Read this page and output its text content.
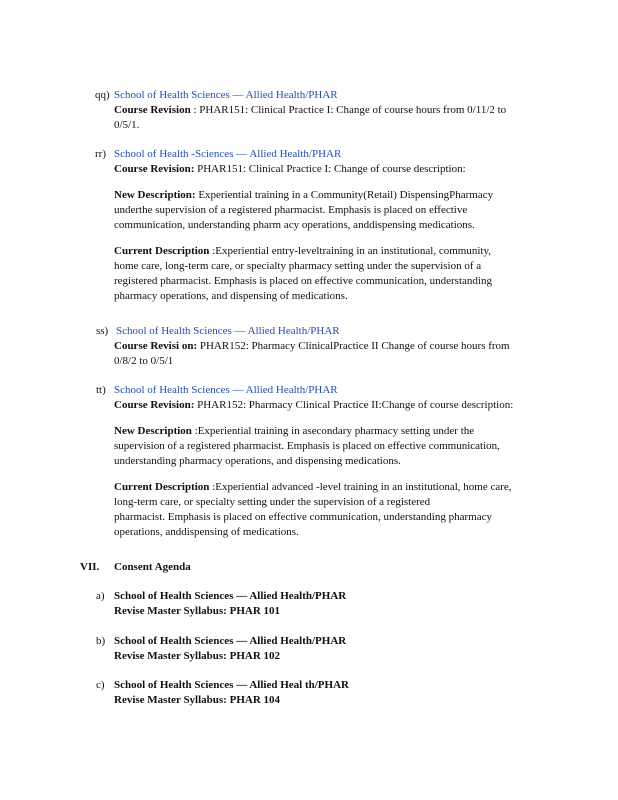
qq) School of Health Sciences — Allied Health/PHAR
Course Revision : PHAR151: Clinical Practice I: Change of course hours from 0/11/2 to
0/5/1.
rr) School of Health -Sciences — Allied Health/PHAR
Course Revision: PHAR151: Clinical Practice I: Change of course description:
New Description: Experiential training in a Community(Retail) DispensingPharmacy
underthe supervision of a registered pharmacist. Emphasis is placed on effective
communication, understanding pharm acy operations, anddispensing medications.
Current Description :Experiential entry-leveltraining in an institutional, community,
home care, long-term care, or specialty pharmacy setting under the supervision of a
registered pharmacist. Emphasis is placed on effective communication, understanding
pharmacy operations, and dispensing of medications.
ss) School of Health Sciences — Allied Health/PHAR
Course Revisi on: PHAR152: Pharmacy ClinicalPractice II Change of course hours from
0/8/2 to 0/5/1
tt) School of Health Sciences — Allied Health/PHAR
Course Revision: PHAR152: Pharmacy Clinical Practice II:Change of course description:
New Description :Experiential training in asecondary pharmacy setting under the
supervision of a registered pharmacist. Emphasis is placed on effective communication,
understanding pharmacy operations, and dispensing medications.
Current Description :Experiential advanced -level training in an institutional, home care,
long-term care, or specialty setting under the supervision of a registered
pharmacist. Emphasis is placed on effective communication, understanding pharmacy
operations, anddispensing of medications.
VII. Consent Agenda
a) School of Health Sciences — Allied Health/PHAR
Revise Master Syllabus: PHAR 101
b) School of Health Sciences — Allied Health/PHAR
Revise Master Syllabus: PHAR 102
c) School of Health Sciences — Allied Heal th/PHAR
Revise Master Syllabus: PHAR 104
